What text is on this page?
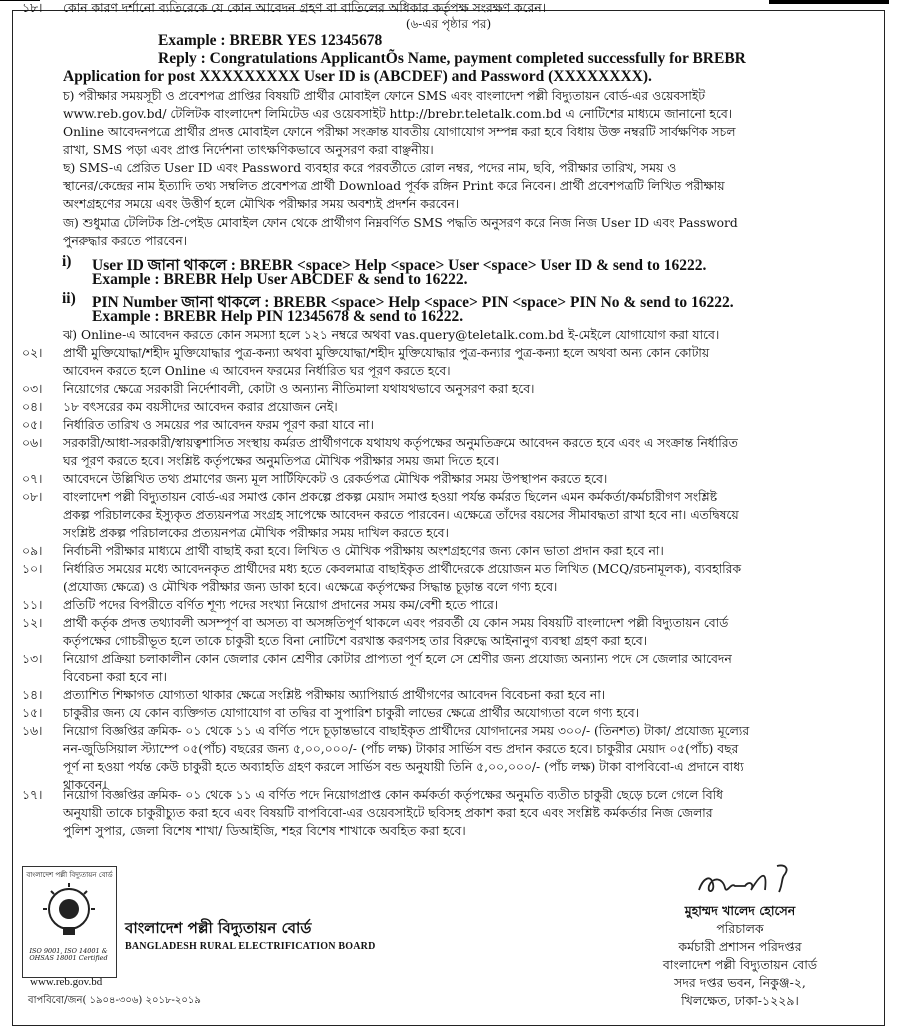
(৬-এর পৃষ্ঠার পর)
Example : BREBR YES 12345678
Reply : Congratulations ApplicantÕs Name, payment completed successfully for BREBR
Application for post XXXXXXXXX User ID is (ABCDEF) and Password (XXXXXXXX).
চ) পরীক্ষার সময়সূচী ও প্রবেশপত্র প্রাপ্তির বিষয়টি প্রার্থীর মোবাইল ফোনে SMS এবং বাংলাদেশ পল্লী বিদ্যুতায়ন বোর্ড-এর ওয়েবসাইট
www.reb.gov.bd/ টেলিটক বাংলাদেশ লিমিটেড এর ওয়েবসাইট http://brebr.teletalk.com.bd এ নোটিশের মাধ্যমে জানানো হবে।
Online আবেদনপত্রে প্রার্থীর প্রদত্ত মোবাইল ফোনে পরীক্ষা সংক্রান্ত যাবতীয় যোগাযোগ সম্পন্ন করা হবে বিধায় উক্ত নম্বরটি সার্বক্ষণিক সচল
রাখা, SMS পড়া এবং প্রাপ্ত নির্দেশনা তাৎক্ষণিকভাবে অনুসরণ করা বাঞ্ছনীয়।
ছ) SMS-এ প্রেরিত User ID এবং Password ব্যবহার করে পরবর্তীতে রোল নম্বর, পদের নাম, ছবি, পরীক্ষার তারিখ, সময় ও
স্থানের/কেন্দ্রের নাম ইত্যাদি তথ্য সম্বলিত প্রবেশপত্র প্রার্থী Download পূর্বক রঙ্গিন Print করে নিবেন। প্রার্থী প্রবেশপত্রটি লিখিত পরীক্ষায়
অংশগ্রহণের সময়ে এবং উত্তীর্ণ হলে মৌখিক পরীক্ষার সময় অবশ্যই প্রদর্শন করবেন।
জ) শুধুমাত্র টেলিটক প্রি-পেইড মোবাইল ফোন থেকে প্রার্থীগণ নিম্নবর্ণিত SMS পদ্ধতি অনুসরণ করে নিজ নিজ User ID এবং Password
পুনরুদ্ধার করতে পারবেন।
i) User ID জানা থাকলে : BREBR <space> Help <space> User <space> User ID & send to 16222.
Example : BREBR Help User ABCDEF & send to 16222.
ii) PIN Number জানা থাকলে : BREBR <space> Help <space> PIN <space> PIN No & send to 16222.
Example : BREBR Help PIN 12345678 & send to 16222.
ঝ) Online-এ আবেদন করতে কোন সমস্যা হলে ১২১ নম্বরে অথবা vas.query@teletalk.com.bd ই-মেইলে যোগাযোগ করা যাবে।
০২।	প্রার্থী মুক্তিযোদ্ধা/শহীদ মুক্তিযোদ্ধার পুত্র-কন্যা অথবা মুক্তিযোদ্ধা/শহীদ মুক্তিযোদ্ধার পুত্র-কন্যার পুত্র-কন্যা হলে অথবা অন্য কোন কোটায়
আবেদন করতে হলে Online এ আবেদন ফরমের নির্ধারিত ঘর পূরণ করতে হবে।
০৩।	নিয়োগের ক্ষেত্রে সরকারী নির্দেশাবলী, কোটা ও অন্যান্য নীতিমালা যথাযথভাবে অনুসরণ করা হবে।
০৪।	১৮ বৎসরের কম বয়সীদের আবেদন করার প্রয়োজন নেই।
০৫।	নির্ধারিত তারিখ ও সময়ের পর আবেদন ফরম পূরণ করা যাবে না।
০৬।	সরকারী/আধা-সরকারী/স্বায়ত্বশাসিত সংস্থায় কর্মরত প্রার্থীগণকে যথাযথ কর্তৃপক্ষের অনুমতিক্রমে আবেদন করতে হবে এবং এ সংক্রান্ত নির্ধারিত
ঘর পূরণ করতে হবে। সংশ্লিষ্ট কর্তৃপক্ষের অনুমতিপত্র মৌখিক পরীক্ষার সময় জমা দিতে হবে।
০৭।	আবেদনে উল্লিখিত তথ্য প্রমাণের জন্য মূল সার্টিফিকেট ও রেকর্ডপত্র মৌখিক পরীক্ষার সময় উপস্থাপন করতে হবে।
০৮।	বাংলাদেশ পল্লী বিদ্যুতায়ন বোর্ড-এর সমাপ্ত কোন প্রকল্পে প্রকল্প মেয়াদ সমাপ্ত হওয়া পর্যন্ত কর্মরত ছিলেন এমন কর্মকর্তা/কর্মচারীগণ সংশ্লিষ্ট
প্রকল্প পরিচালকের ইস্যুকৃত প্রত্যয়নপত্র সংগ্রহ সাপেক্ষে আবেদন করতে পারবেন। এক্ষেত্রে তাঁদের বয়সের সীমাবদ্ধতা রাখা হবে না। এতদ্বিষয়ে
সংশ্লিষ্ট প্রকল্প পরিচালকের প্রত্যয়নপত্র মৌখিক পরীক্ষার সময় দাখিল করতে হবে।
০৯।	নির্বাচনী পরীক্ষার মাধ্যমে প্রার্থী বাছাই করা হবে। লিখিত ও মৌখিক পরীক্ষায় অংশগ্রহণের জন্য কোন ভাতা প্রদান করা হবে না।
১০।	নির্ধারিত সময়ের মধ্যে আবেদনকৃত প্রার্থীদের মধ্য হতে কেবলমাত্র বাছাইকৃত প্রার্থীদেরকে প্রয়োজন মত লিখিত (MCQ/রচনামূলক), ব্যবহারিক
(প্রযোজ্য ক্ষেত্রে) ও মৌখিক পরীক্ষার জন্য ডাকা হবে। এক্ষেত্রে কর্তৃপক্ষের সিদ্ধান্ত চূড়ান্ত বলে গণ্য হবে।
১১।	প্রতিটি পদের বিপরীতে বর্ণিত শূণ্য পদের সংখ্যা নিয়োগ প্রদানের সময় কম/বেশী হতে পারে।
১২।	প্রার্থী কর্তৃক প্রদত্ত তথ্যাবলী অসম্পূর্ণ বা অসত্য বা অসঙ্গতিপূর্ণ থাকলে এবং পরবর্তী যে কোন সময় বিষয়টি বাংলাদেশ পল্লী বিদ্যুতায়ন বোর্ড
কর্তৃপক্ষের গোচরীভূত হলে তাকে চাকুরী হতে বিনা নোটিশে বরখাস্ত করণসহ তার বিরুদ্ধে আইনানুগ ব্যবস্থা গ্রহণ করা হবে।
১৩।	নিয়োগ প্রক্রিয়া চলাকালীন কোন জেলার কোন শ্রেণীর কোটার প্রাপ্যতা পূর্ণ হলে সে শ্রেণীর জন্য প্রযোজ্য অন্যান্য পদে সে জেলার আবেদন
বিবেচনা করা হবে না।
১৪।	প্রত্যাশিত শিক্ষাগত যোগ্যতা থাকার ক্ষেত্রে সংশ্লিষ্ট পরীক্ষায় অ্যাপিয়ার্ড প্রার্থীগণের আবেদন বিবেচনা করা হবে না।
১৫।	চাকুরীর জন্য যে কোন ব্যক্তিগত যোগাযোগ বা তদ্বির বা সুপারিশ চাকুরী লাভের ক্ষেত্রে প্রার্থীর অযোগ্যতা বলে গণ্য হবে।
১৬।	নিয়োগ বিজ্ঞপ্তির ক্রমিক- ০১ থেকে ১১ এ বর্ণিত পদে চূড়ান্তভাবে বাছাইকৃত প্রার্থীদের যোগদানের সময় ৩০০/- (তিনশত) টাকা/ প্রযোজ্য মূল্যের
নন-জুডিসিয়াল স্ট্যাম্পে ০৫(পাঁচ) বছরের জন্য ৫,০০,০০০/- (পাঁচ লক্ষ) টাকার সার্ভিস বন্ড প্রদান করতে হবে। চাকুরীর মেয়াদ ০৫(পাঁচ) বছর
পূর্ণ না হওয়া পর্যন্ত কেউ চাকুরী হতে অব্যাহতি গ্রহণ করলে সার্ভিস বন্ড অনুযায়ী তিনি ৫,০০,০০০/- (পাঁচ লক্ষ) টাকা বাপবিবো-এ প্রদানে বাধ্য
থাকবেন।
১৭।	নিয়োগ বিজ্ঞপ্তির ক্রমিক- ০১ থেকে ১১ এ বর্ণিত পদে নিয়োগপ্রাপ্ত কোন কর্মকর্তা কর্তৃপক্ষের অনুমতি ব্যতীত চাকুরী ছেড়ে চলে গেলে বিধি
অনুযায়ী তাকে চাকুরীচ্যুত করা হবে এবং বিষয়টি বাপবিবো-এর ওয়েবসাইটে ছবিসহ প্রকাশ করা হবে এবং সংশ্লিষ্ট কর্মকর্তার নিজ জেলার
পুলিশ সুপার, জেলা বিশেষ শাখা/ ডিআইজি, শহর বিশেষ শাখাকে অবহিত করা হবে।
১৮।	কোন কারণ দর্শানো ব্যতিরেকে যে কোন আবেদন গ্রহণ বা বাতিলের অধিকার কর্তৃপক্ষ সংরক্ষণ করেন।
বাংলাদেশ পল্লী বিদ্যুতায়ন বোর্ড
ISO 9001, ISO 14001 & OHSAS 18001 Certified
www.reb.gov.bd
বাপবিবো/জন( ১৯০৪-৩০৬) ২০১৮-২০১৯
বাংলাদেশ পল্লী বিদ্যুতায়ন বোর্ড
BANGLADESH RURAL ELECTRIFICATION BOARD
মুহাম্মদ খালেদ হোসেন
পরিচালক
কর্মচারী প্রশাসন পরিদপ্তর
বাংলাদেশ পল্লী বিদ্যুতায়ন বোর্ড
সদর দপ্তর ভবন, নিকুঞ্জ-২,
খিলক্ষেত, ঢাকা-১২২৯।
